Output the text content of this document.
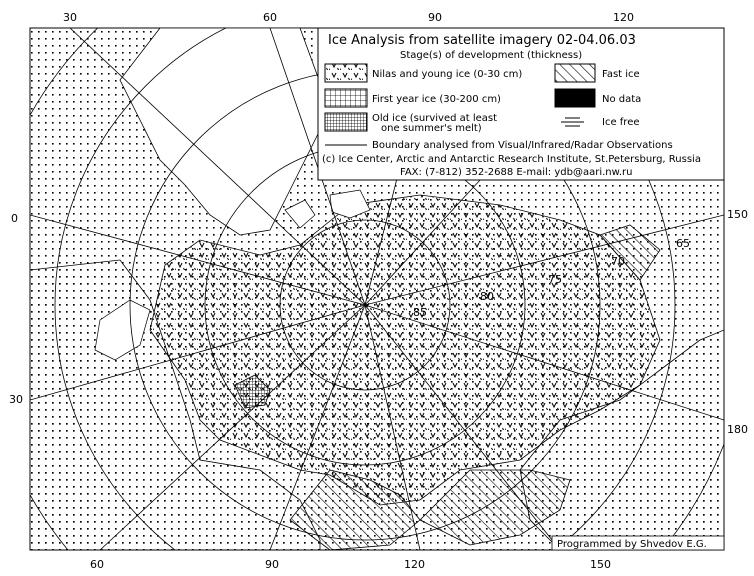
85
80
75
70
65
30	60	90	120
60	90	120	150
0
30
150
180
Ice Analysis from satellite imagery 02-04.06.03
Stage(s) of development (thickness)
Nilas and young ice (0-30 cm)	Fast ice
First year ice (30-200 cm)	No data
Old ice (survived at least
one summer's melt)
Ice free
Boundary analysed from Visual/Infrared/Radar Observations
(c) Ice Center, Arctic and Antarctic Research Institute, St.Petersburg, Russia
FAX: (7-812) 352-2688 E-mail: ydb@aari.nw.ru
Programmed by Shvedov E.G.
